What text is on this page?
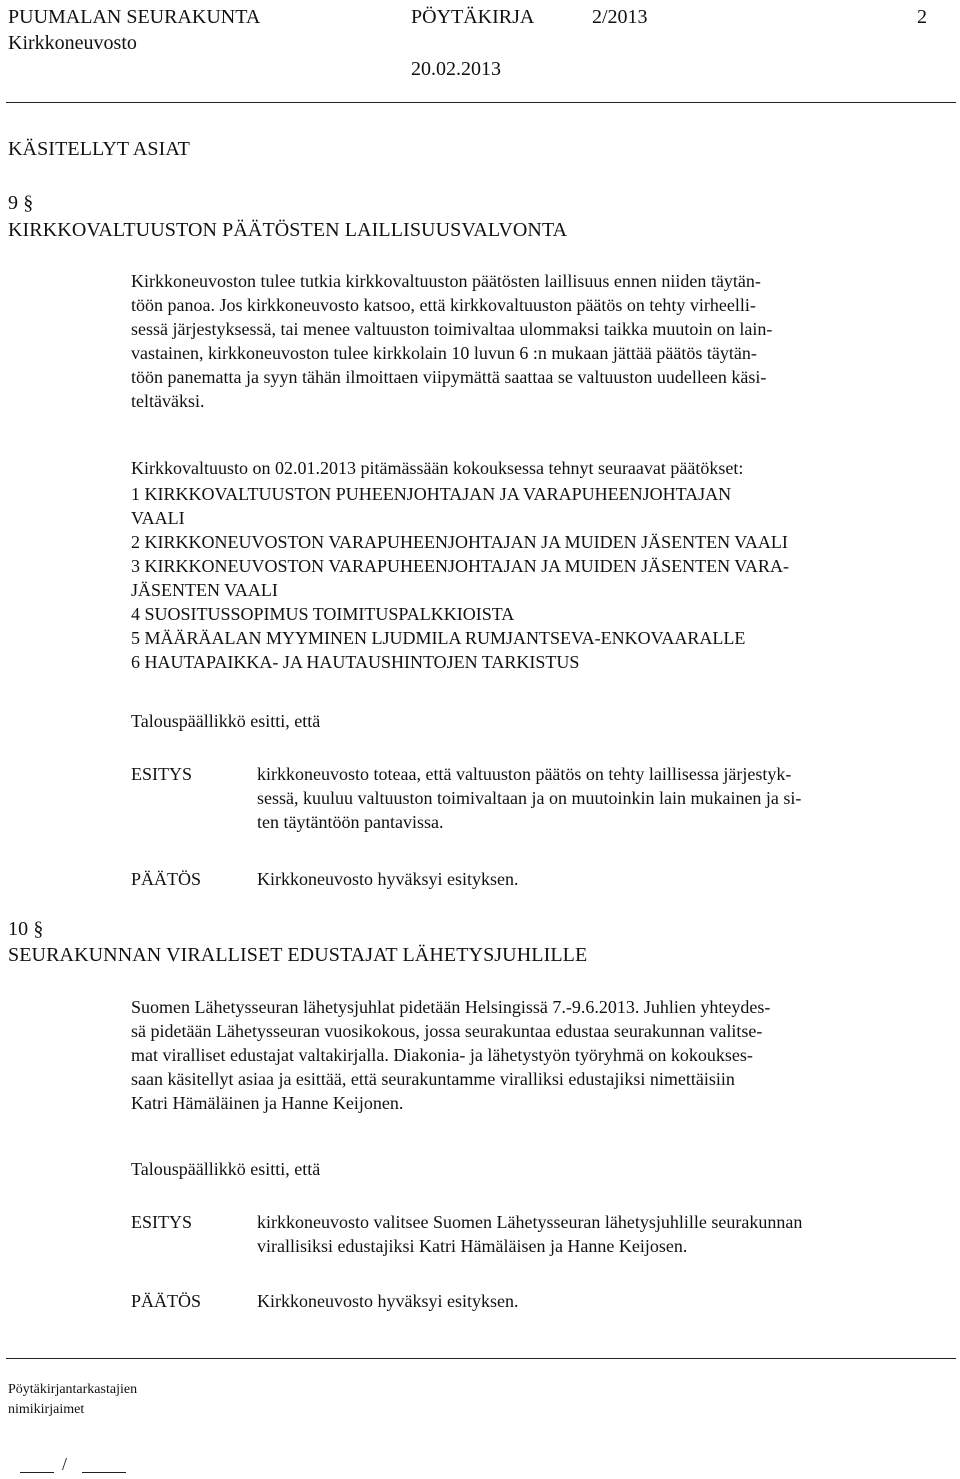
PUUMALAN SEURAKUNTA	PÖYTÄKIRJA	2/2013	2
Kirkkoneuvosto
20.02.2013
KÄSITELLYT ASIAT
9 §
KIRKKOVALTUUSTON PÄÄTÖSTEN LAILLISUUSVALVONTA
Kirkkoneuvoston tulee tutkia kirkkovaltuuston päätösten laillisuus ennen niiden täytän-
töön panoa. Jos kirkkoneuvosto katsoo, että kirkkovaltuuston päätös on tehty virheelli-
sessä järjestyksessä, tai menee valtuuston toimivaltaa ulommaksi taikka muutoin on lain-
vastainen, kirkkoneuvoston tulee kirkkolain 10 luvun 6 :n mukaan jättää päätös täytän-
töön panematta ja syyn tähän ilmoittaen viipymättä saattaa se valtuuston uudelleen käsi-
teltäväksi.
Kirkkovaltuusto on 02.01.2013 pitämässään kokouksessa tehnyt seuraavat päätökset:
1 KIRKKOVALTUUSTON PUHEENJOHTAJAN JA VARAPUHEENJOHTAJAN
VAALI
2 KIRKKONEUVOSTON VARAPUHEENJOHTAJAN JA MUIDEN JÄSENTEN VAALI
3 KIRKKONEUVOSTON VARAPUHEENJOHTAJAN JA MUIDEN JÄSENTEN VARA-
JÄSENTEN VAALI
4 SUOSITUSSOPIMUS TOIMITUSPALKKIOISTA
5 MÄÄRÄALAN MYYMINEN LJUDMILA RUMJANTSEVA-ENKOVAARALLE
6 HAUTAPAIKKA- JA HAUTAUSHINTOJEN TARKISTUS
Talouspäällikkö esitti, että
ESITYS	kirkkoneuvosto toteaa, että valtuuston päätös on tehty laillisessa järjestyk-
sessä, kuuluu valtuuston toimivaltaan ja on muutoinkin lain mukainen ja si-
ten täytäntöön pantavissa.
PÄÄTÖS	Kirkkoneuvosto hyväksyi esityksen.
10 §
SEURAKUNNAN VIRALLISET EDUSTAJAT LÄHETYSJUHLILLE
Suomen Lähetysseuran lähetysjuhlat pidetään Helsingissä 7.-9.6.2013. Juhlien yhteydes-
sä pidetään Lähetysseuran vuosikokous, jossa seurakuntaa edustaa seurakunnan valitse-
mat viralliset edustajat valtakirjalla. Diakonia- ja lähetystyön työryhmä on kokoukses-
saan käsitellyt asiaa ja esittää, että seurakuntamme viralliksi edustajiksi nimettäisiin
Katri Hämäläinen ja Hanne Keijonen.
Talouspäällikkö esitti, että
ESITYS	kirkkoneuvosto valitsee Suomen Lähetysseuran lähetysjuhlille seurakunnan
virallisiksi edustajiksi Katri Hämäläisen ja Hanne Keijosen.
PÄÄTÖS	Kirkkoneuvosto hyväksyi esityksen.
Pöytäkirjantarkastajien
nimikirjaimet
/
